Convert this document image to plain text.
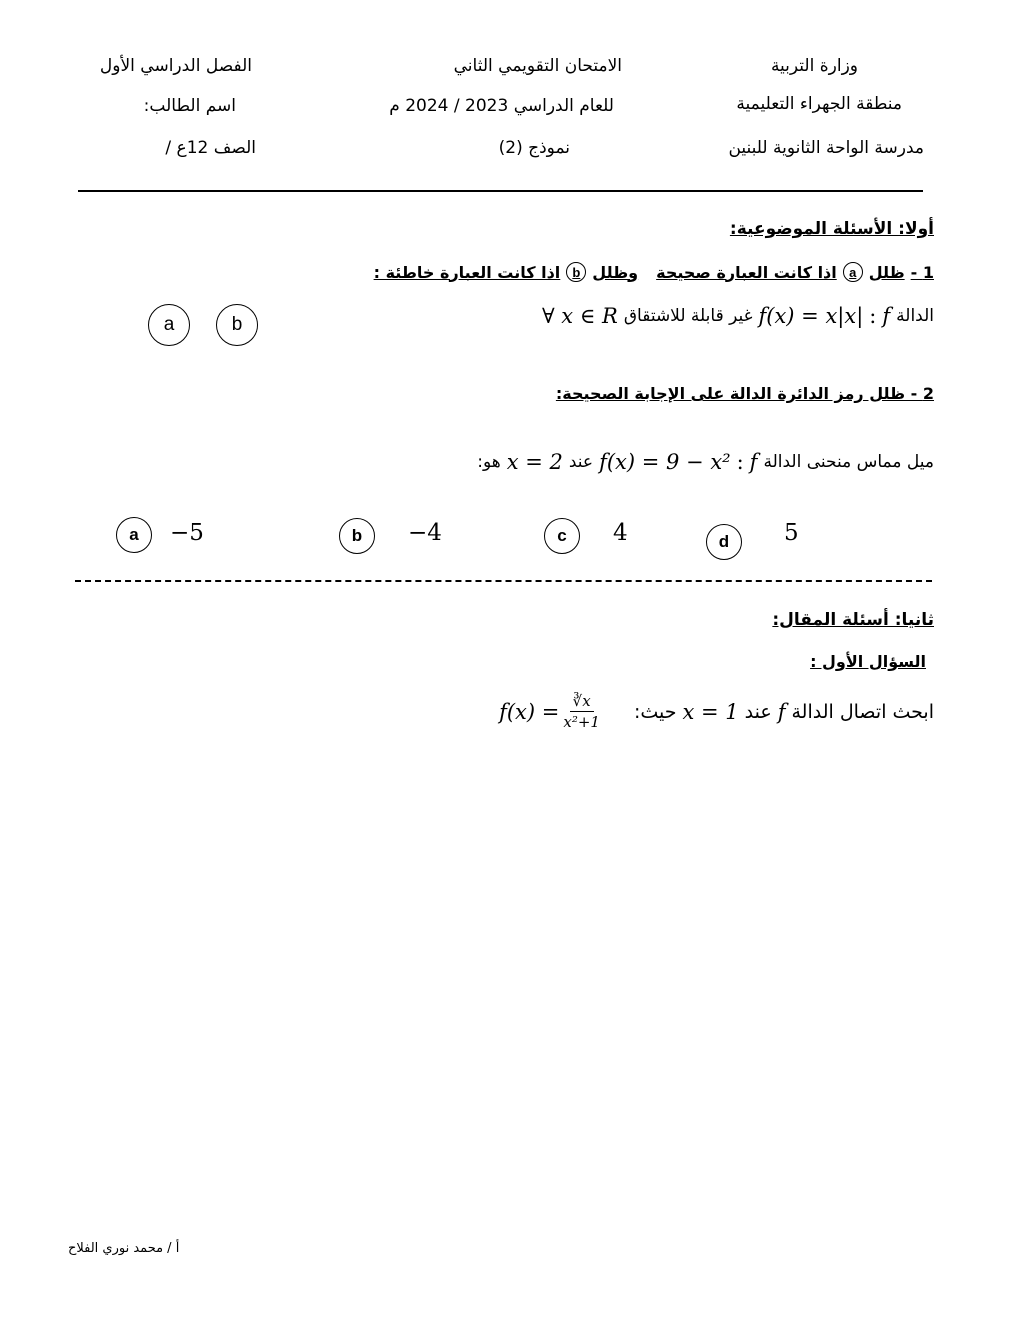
وزارة التربية
منطقة الجهراء التعليمية
مدرسة الواحة الثانوية للبنين
الامتحان التقويمي الثاني
للعام الدراسي 2023 / 2024 م
نموذج (2)
الفصل الدراسي الأول
اسم الطالب:
الصف 12ع /
أولا: الأسئلة الموضوعية:
1 -
ظلل
a
اذا كانت العبارة صحيحة
وظلل
b
اذا كانت العبارة خاطئة :
الدالة
f
:
f(x) = x|x|
غير قابلة للاشتقاق
∀ x ∈ R
a	b
2 - ظلل رمز الدائرة الدالة على الإجابة الصحيحة:
ميل مماس منحنى الدالة
f
:
f(x) = 9 − x²
عند
x = 2
هو:
a	−5	b	−4	c	4	d	5
ثانيا: أسئلة المقال:
السؤال الأول :
ابحث اتصال الدالة
f
عند
x = 1
حيث:
$f(x) = \frac{∛x}{\text{x²+1}}$
أ / محمد نوري الفلاح
